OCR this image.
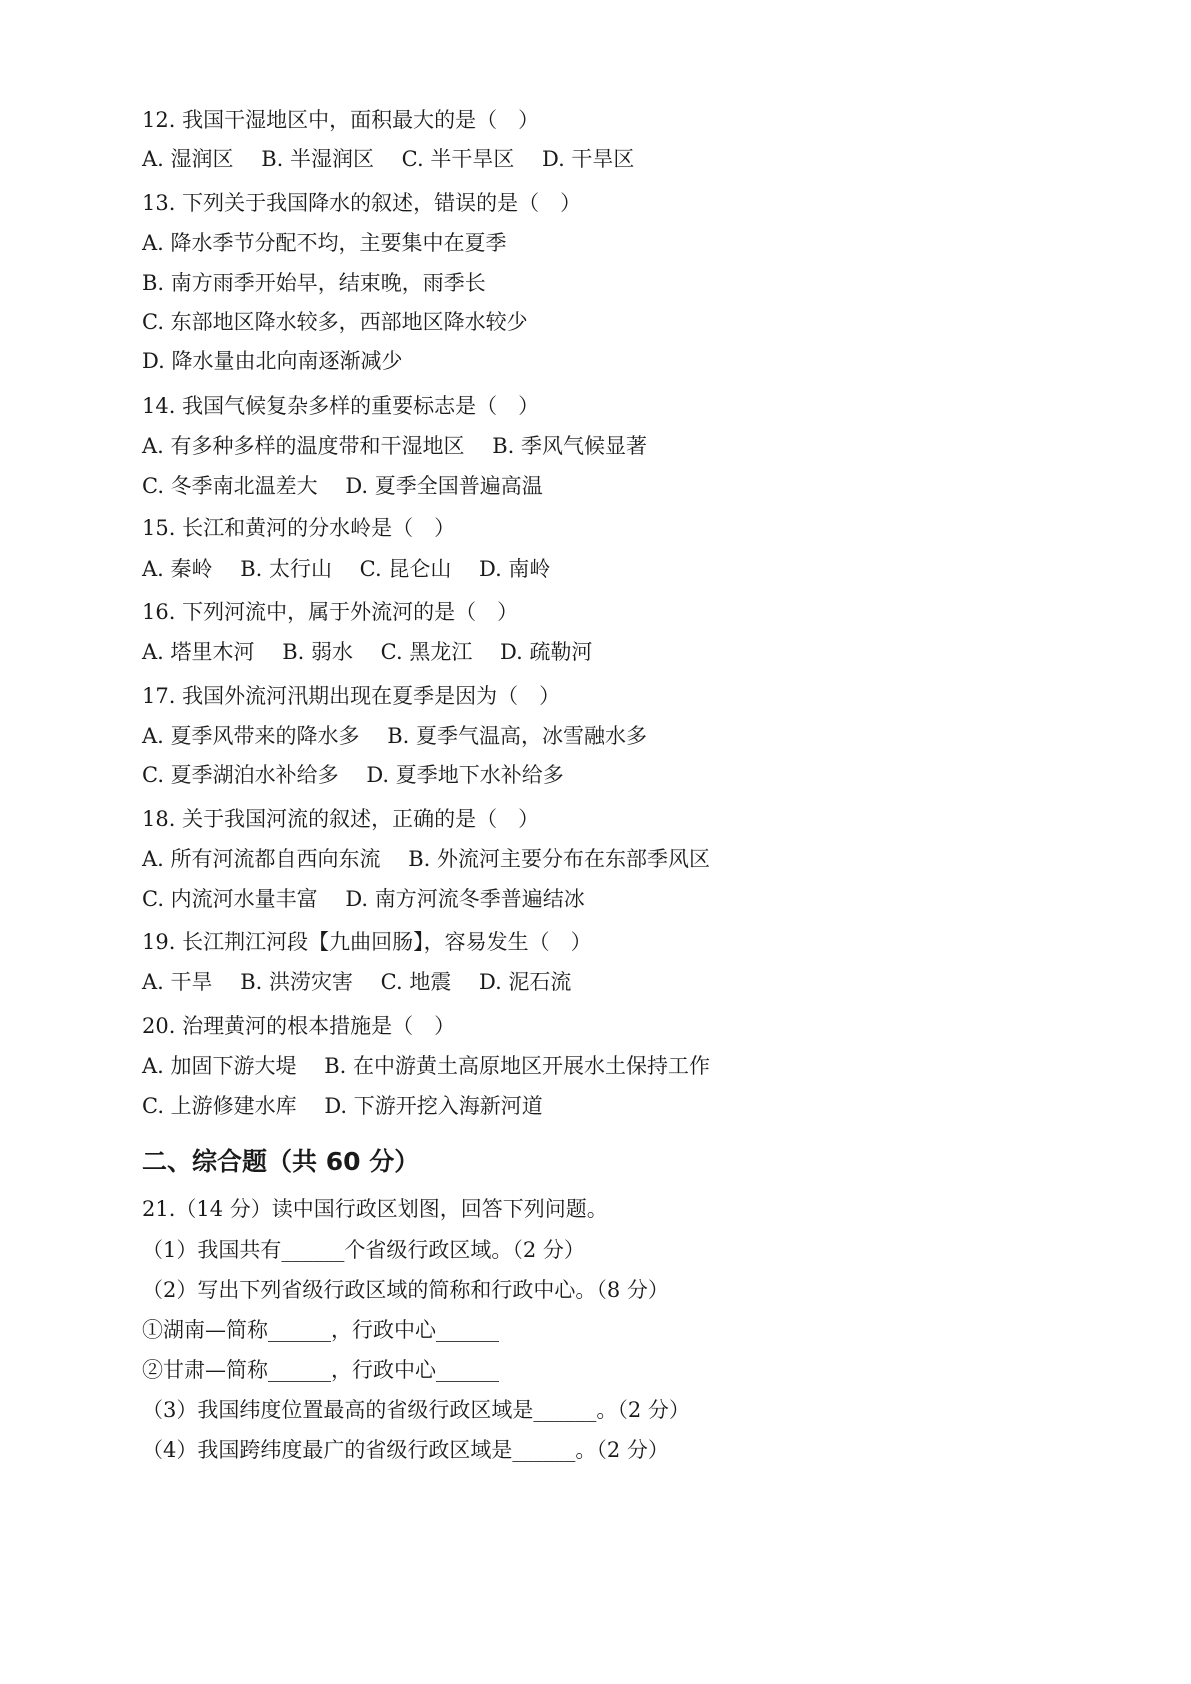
12. 我国干湿地区中，面积最大的是（　）

A. 湿润区　 B. 半湿润区　 C. 半干旱区　 D. 干旱区

13. 下列关于我国降水的叙述，错误的是（　）

A. 降水季节分配不均，主要集中在夏季

B. 南方雨季开始早，结束晚，雨季长

C. 东部地区降水较多，西部地区降水较少

D. 降水量由北向南逐渐减少

14. 我国气候复杂多样的重要标志是（　）

A. 有多种多样的温度带和干湿地区　 B. 季风气候显著

C. 冬季南北温差大　 D. 夏季全国普遍高温

15. 长江和黄河的分水岭是（　）

A. 秦岭　 B. 太行山　 C. 昆仑山　 D. 南岭

16. 下列河流中，属于外流河的是（　）

A. 塔里木河　 B. 弱水　 C. 黑龙江　 D. 疏勒河

17. 我国外流河汛期出现在夏季是因为（　）

A. 夏季风带来的降水多　 B. 夏季气温高，冰雪融水多

C. 夏季湖泊水补给多　 D. 夏季地下水补给多

18. 关于我国河流的叙述，正确的是（　）

A. 所有河流都自西向东流　 B. 外流河主要分布在东部季风区

C. 内流河水量丰富　 D. 南方河流冬季普遍结冰

19. 长江荆江河段【九曲回肠】，容易发生（　）

A. 干旱　 B. 洪涝灾害　 C. 地震　 D. 泥石流

20. 治理黄河的根本措施是（　）

A. 加固下游大堤　 B. 在中游黄土高原地区开展水土保持工作

C. 上游修建水库　 D. 下游开挖入海新河道

二、综合题（共 60 分）

21.（14 分）读中国行政区划图，回答下列问题。

（1）我国共有______个省级行政区域。（2 分）

（2）写出下列省级行政区域的简称和行政中心。（8 分）

①湖南—简称______，行政中心______

②甘肃—简称______，行政中心______

（3）我国纬度位置最高的省级行政区域是______。（2 分）

（4）我国跨纬度最广的省级行政区域是______。（2 分）
